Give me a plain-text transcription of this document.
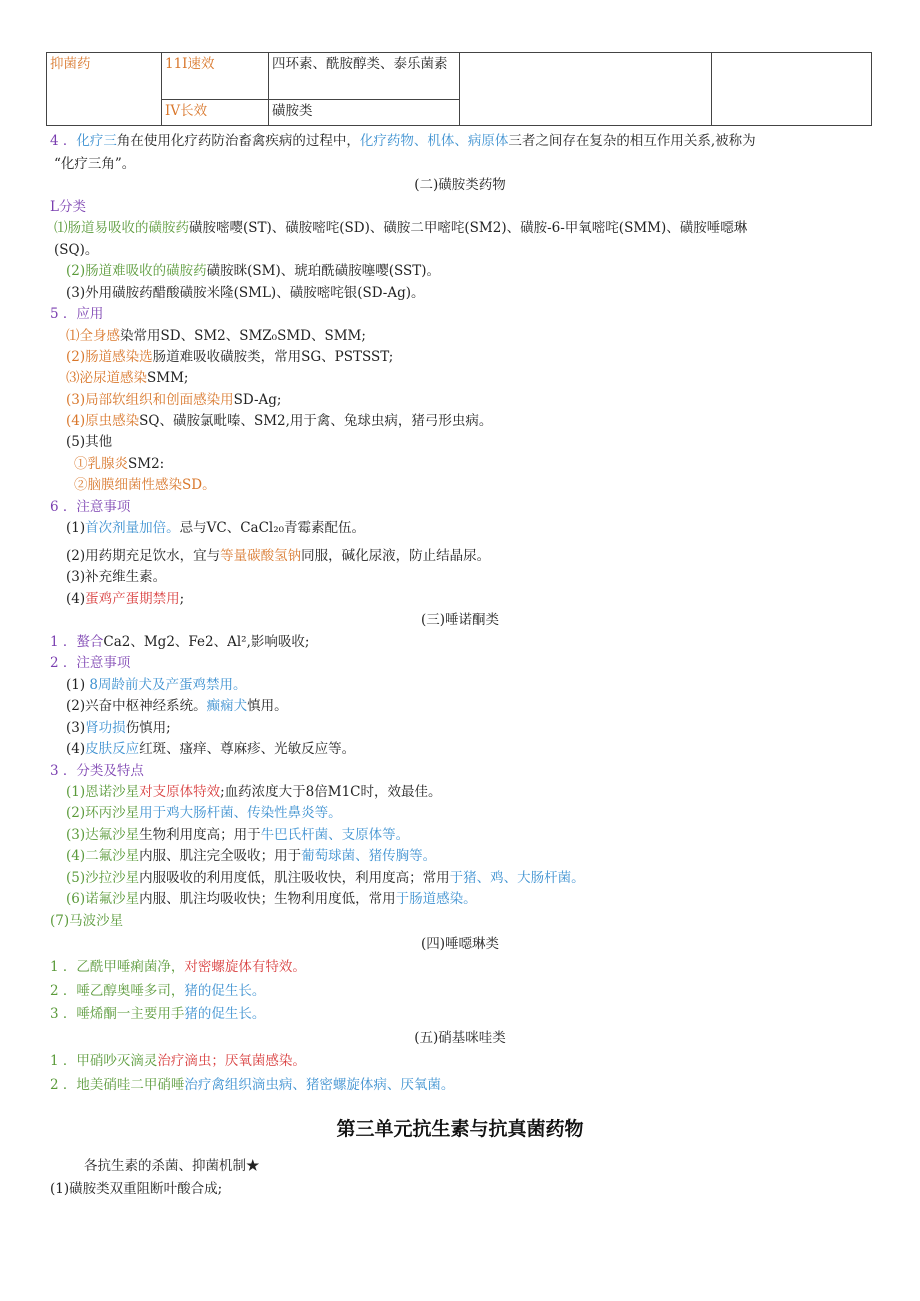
抑菌药	11I速效	四环素、酰胺醇类、泰乐菌素		
	IV长效	磺胺类		
4 ．化疗三角在使用化疗药防治畜禽疾病的过程中，化疗药物、机体、病原体三者之间存在复杂的相互作用关系,被称为
“化疗三角”。
(二)磺胺类药物
L分类
⑴肠道易吸收的磺胺药磺胺嘧嘤(ST)、磺胺嘧咤(SD)、磺胺二甲嘧咤(SM2)、磺胺-6-甲氧嘧咤(SMM)、磺胺唾噁琳
(SQ)。
(2)肠道难吸收的磺胺药磺胺眯(SM)、琥珀酰磺胺噻嘤(SST)。
(3)外用磺胺药醋酸磺胺米隆(SML)、磺胺嘧咤银(SD-Ag)。
5 ．应用
⑴全身感染常用SD、SM2、SMZ₀SMD、SMM;
(2)肠道感染选肠道难吸收磺胺类，常用SG、PSTSST;
⑶泌尿道感染SMM;
(3)局部软组织和创面感染用SD-Ag;
(4)原虫感染SQ、磺胺氯毗嗪、SM2,用于禽、兔球虫病，猪弓形虫病。
(5)其他
①乳腺炎SM2:
②脑膜细菌性感染SD。
6 ．注意事项
(1)首次剂量加倍。忌与VC、CaCl₂₀青霉素配伍。
(2)用药期充足饮水，宜与等量碳酸氢钠同服，碱化尿液，防止结晶尿。
(3)补充维生素。
(4)蛋鸡产蛋期禁用;
(三)唾诺酮类
1 ．螯合Ca2、Mg2、Fe2、Al²,影响吸收;
2 ．注意事项
(1) 8周龄前犬及产蛋鸡禁用。
(2)兴奋中枢神经系统。癫痫犬慎用。
(3)肾功损伤慎用;
(4)皮肤反应红斑、瘙痒、尊麻疹、光敏反应等。
3 ．分类及特点
(1)恩诺沙星对支原体特效;血药浓度大于8倍M1C时，效最佳。
(2)环丙沙星用于鸡大肠杆菌、传染性鼻炎等。
(3)达氟沙星生物利用度高；用于牛巴氏杆菌、支原体等。
(4)二氟沙星内服、肌注完全吸收；用于葡萄球菌、猪传胸等。
(5)沙拉沙星内服吸收的利用度低，肌注吸收快，利用度高；常用于猪、鸡、大肠杆菌。
(6)诺氟沙星内服、肌注均吸收快；生物利用度低，常用于肠道感染。
(7)马波沙星
(四)唾噁琳类
1 ．乙酰甲唾痢菌净，对密螺旋体有特效。
2 ．唾乙醇奥唾多司，猪的促生长。
3 ．唾烯酮一主要用手猪的促生长。
(五)硝基咪哇类
1 ．甲硝吵灭滴灵治疗滴虫；厌氧菌感染。
2 ．地美硝哇二甲硝唾治疗禽组织滴虫病、猪密螺旋体病、厌氧菌。
第三单元抗生素与抗真菌药物
各抗生素的杀菌、抑菌机制★
(1)磺胺类双重阻断叶酸合成;
